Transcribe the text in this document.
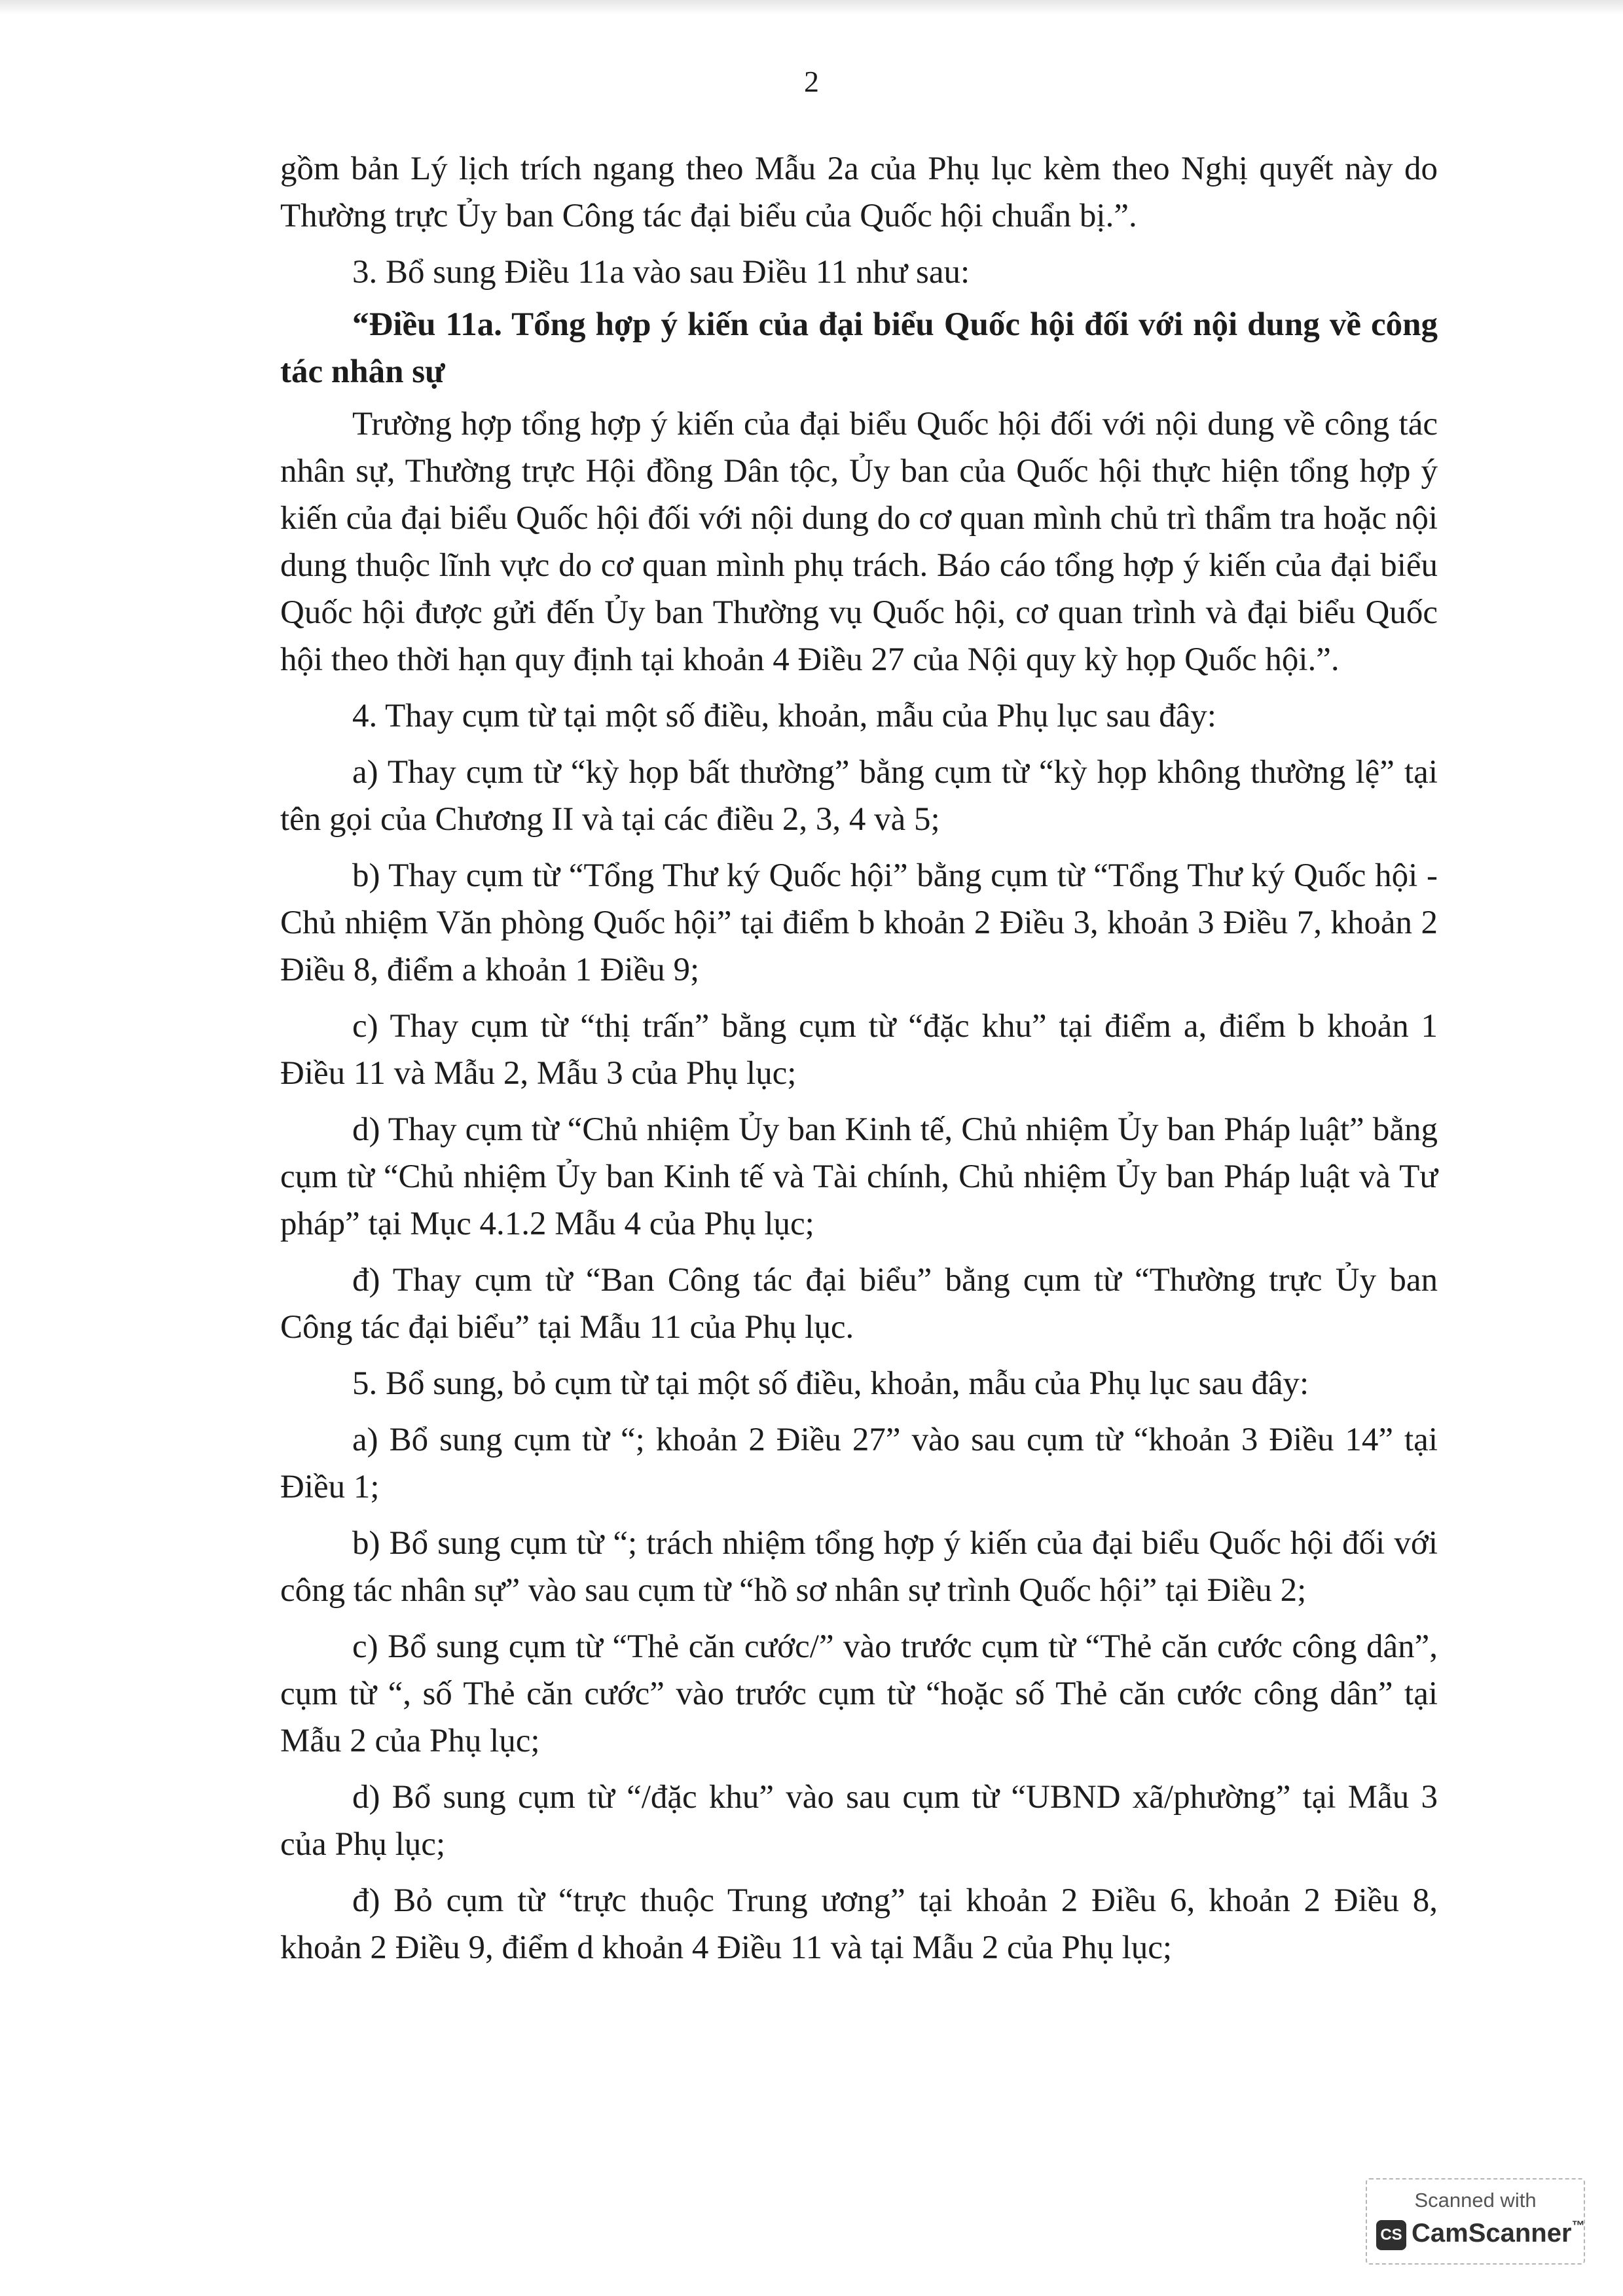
2

gồm bản Lý lịch trích ngang theo Mẫu 2a của Phụ lục kèm theo Nghị quyết này do Thường trực Ủy ban Công tác đại biểu của Quốc hội chuẩn bị.”.

3. Bổ sung Điều 11a vào sau Điều 11 như sau:

“Điều 11a. Tổng hợp ý kiến của đại biểu Quốc hội đối với nội dung về công tác nhân sự

Trường hợp tổng hợp ý kiến của đại biểu Quốc hội đối với nội dung về công tác nhân sự, Thường trực Hội đồng Dân tộc, Ủy ban của Quốc hội thực hiện tổng hợp ý kiến của đại biểu Quốc hội đối với nội dung do cơ quan mình chủ trì thẩm tra hoặc nội dung thuộc lĩnh vực do cơ quan mình phụ trách. Báo cáo tổng hợp ý kiến của đại biểu Quốc hội được gửi đến Ủy ban Thường vụ Quốc hội, cơ quan trình và đại biểu Quốc hội theo thời hạn quy định tại khoản 4 Điều 27 của Nội quy kỳ họp Quốc hội.”.

4. Thay cụm từ tại một số điều, khoản, mẫu của Phụ lục sau đây:

a) Thay cụm từ “kỳ họp bất thường” bằng cụm từ “kỳ họp không thường lệ” tại tên gọi của Chương II và tại các điều 2, 3, 4 và 5;

b) Thay cụm từ “Tổng Thư ký Quốc hội” bằng cụm từ “Tổng Thư ký Quốc hội - Chủ nhiệm Văn phòng Quốc hội” tại điểm b khoản 2 Điều 3, khoản 3 Điều 7, khoản 2 Điều 8, điểm a khoản 1 Điều 9;

c) Thay cụm từ “thị trấn” bằng cụm từ “đặc khu” tại điểm a, điểm b khoản 1 Điều 11 và Mẫu 2, Mẫu 3 của Phụ lục;

d) Thay cụm từ “Chủ nhiệm Ủy ban Kinh tế, Chủ nhiệm Ủy ban Pháp luật” bằng cụm từ “Chủ nhiệm Ủy ban Kinh tế và Tài chính, Chủ nhiệm Ủy ban Pháp luật và Tư pháp” tại Mục 4.1.2 Mẫu 4 của Phụ lục;

đ) Thay cụm từ “Ban Công tác đại biểu” bằng cụm từ “Thường trực Ủy ban Công tác đại biểu” tại Mẫu 11 của Phụ lục.

5. Bổ sung, bỏ cụm từ tại một số điều, khoản, mẫu của Phụ lục sau đây:

a) Bổ sung cụm từ “; khoản 2 Điều 27” vào sau cụm từ “khoản 3 Điều 14” tại Điều 1;

b) Bổ sung cụm từ “; trách nhiệm tổng hợp ý kiến của đại biểu Quốc hội đối với công tác nhân sự” vào sau cụm từ “hồ sơ nhân sự trình Quốc hội” tại Điều 2;

c) Bổ sung cụm từ “Thẻ căn cước/” vào trước cụm từ “Thẻ căn cước công dân”, cụm từ “, số Thẻ căn cước” vào trước cụm từ “hoặc số Thẻ căn cước công dân” tại Mẫu 2 của Phụ lục;

d) Bổ sung cụm từ “/đặc khu” vào sau cụm từ “UBND xã/phường” tại Mẫu 3 của Phụ lục;

đ) Bỏ cụm từ “trực thuộc Trung ương” tại khoản 2 Điều 6, khoản 2 Điều 8, khoản 2 Điều 9, điểm d khoản 4 Điều 11 và tại Mẫu 2 của Phụ lục;

Scanned with
CS CamScanner™
